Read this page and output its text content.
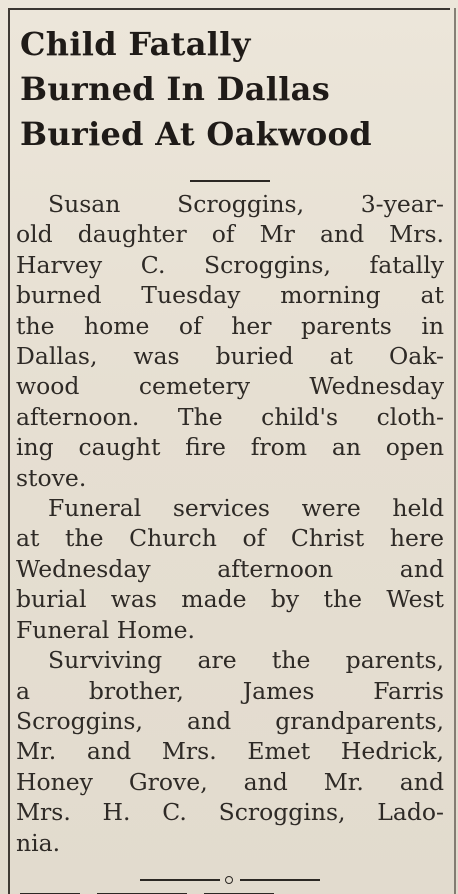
Child Fatally
Burned In Dallas
Buried At Oakwood

Susan Scroggins, 3-year-
old daughter of Mr and Mrs.
Harvey C. Scroggins, fatally
burned Tuesday morning at
the home of her parents in
Dallas, was buried at Oak-
wood cemetery Wednesday
afternoon. The child's cloth-
ing caught fire from an open
stove.

Funeral services were held
at the Church of Christ here
Wednesday afternoon and
burial was made by the West
Funeral Home.

Surviving are the parents,
a brother, James Farris
Scroggins, and grandparents,
Mr. and Mrs. Emet Hedrick,
Honey Grove, and Mr. and
Mrs. H. C. Scroggins, Lado-
nia.
